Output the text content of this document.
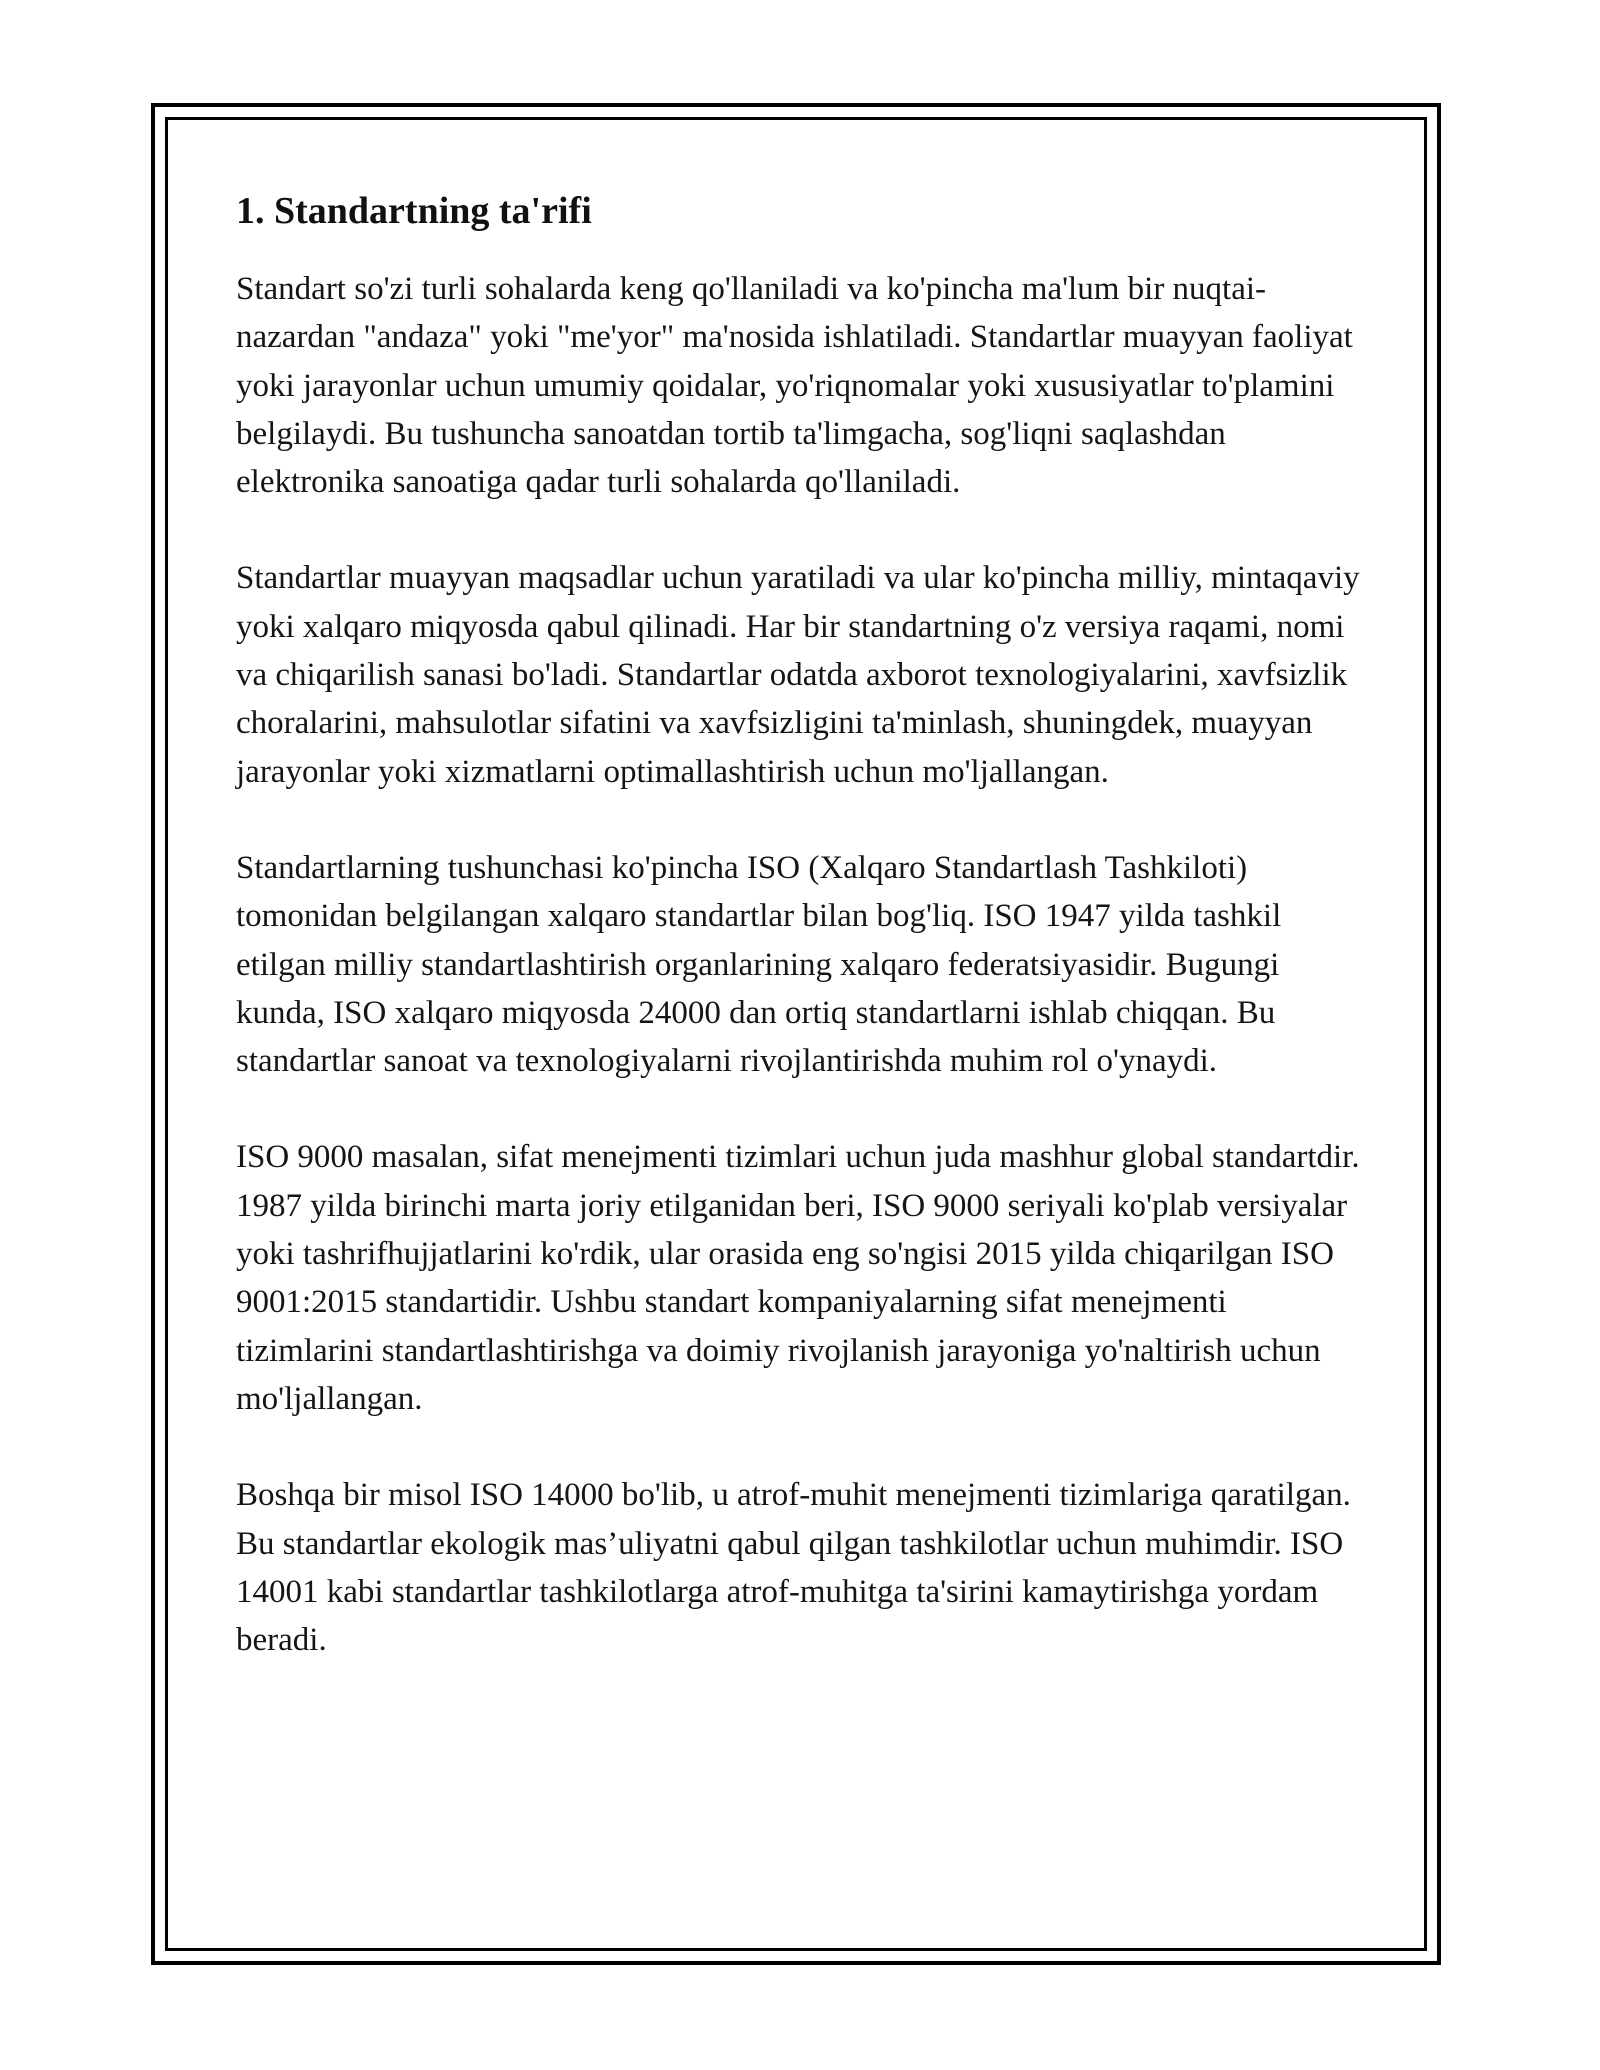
1. Standartning ta'rifi

Standart so'zi turli sohalarda keng qo'llaniladi va ko'pincha ma'lum bir nuqtai-nazardan "andaza" yoki "me'yor" ma'nosida ishlatiladi. Standartlar muayyan faoliyat yoki jarayonlar uchun umumiy qoidalar, yo'riqnomalar yoki xususiyatlar to'plamini belgilaydi. Bu tushuncha sanoatdan tortib ta'limgacha, sog'liqni saqlashdan elektronika sanoatiga qadar turli sohalarda qo'llaniladi.

Standartlar muayyan maqsadlar uchun yaratiladi va ular ko'pincha milliy, mintaqaviy yoki xalqaro miqyosda qabul qilinadi. Har bir standartning o'z versiya raqami, nomi va chiqarilish sanasi bo'ladi. Standartlar odatda axborot texnologiyalarini, xavfsizlik choralarini, mahsulotlar sifatini va xavfsizligini ta'minlash, shuningdek, muayyan jarayonlar yoki xizmatlarni optimallashtirish uchun mo'ljallangan.

Standartlarning tushunchasi ko'pincha ISO (Xalqaro Standartlash Tashkiloti) tomonidan belgilangan xalqaro standartlar bilan bog'liq. ISO 1947 yilda tashkil etilgan milliy standartlashtirish organlarining xalqaro federatsiyasidir. Bugungi kunda, ISO xalqaro miqyosda 24000 dan ortiq standartlarni ishlab chiqqan. Bu standartlar sanoat va texnologiyalarni rivojlantirishda muhim rol o'ynaydi.

ISO 9000 masalan, sifat menejmenti tizimlari uchun juda mashhur global standartdir. 1987 yilda birinchi marta joriy etilganidan beri, ISO 9000 seriyali ko'plab versiyalar yoki tashrifhujjatlarini ko'rdik, ular orasida eng so'ngisi 2015 yilda chiqarilgan ISO 9001:2015 standartidir. Ushbu standart kompaniyalarning sifat menejmenti tizimlarini standartlashtirishga va doimiy rivojlanish jarayoniga yo'naltirish uchun mo'ljallangan.

Boshqa bir misol ISO 14000 bo'lib, u atrof-muhit menejmenti tizimlariga qaratilgan. Bu standartlar ekologik mas’uliyatni qabul qilgan tashkilotlar uchun muhimdir. ISO 14001 kabi standartlar tashkilotlarga atrof-muhitga ta'sirini kamaytirishga yordam beradi.
